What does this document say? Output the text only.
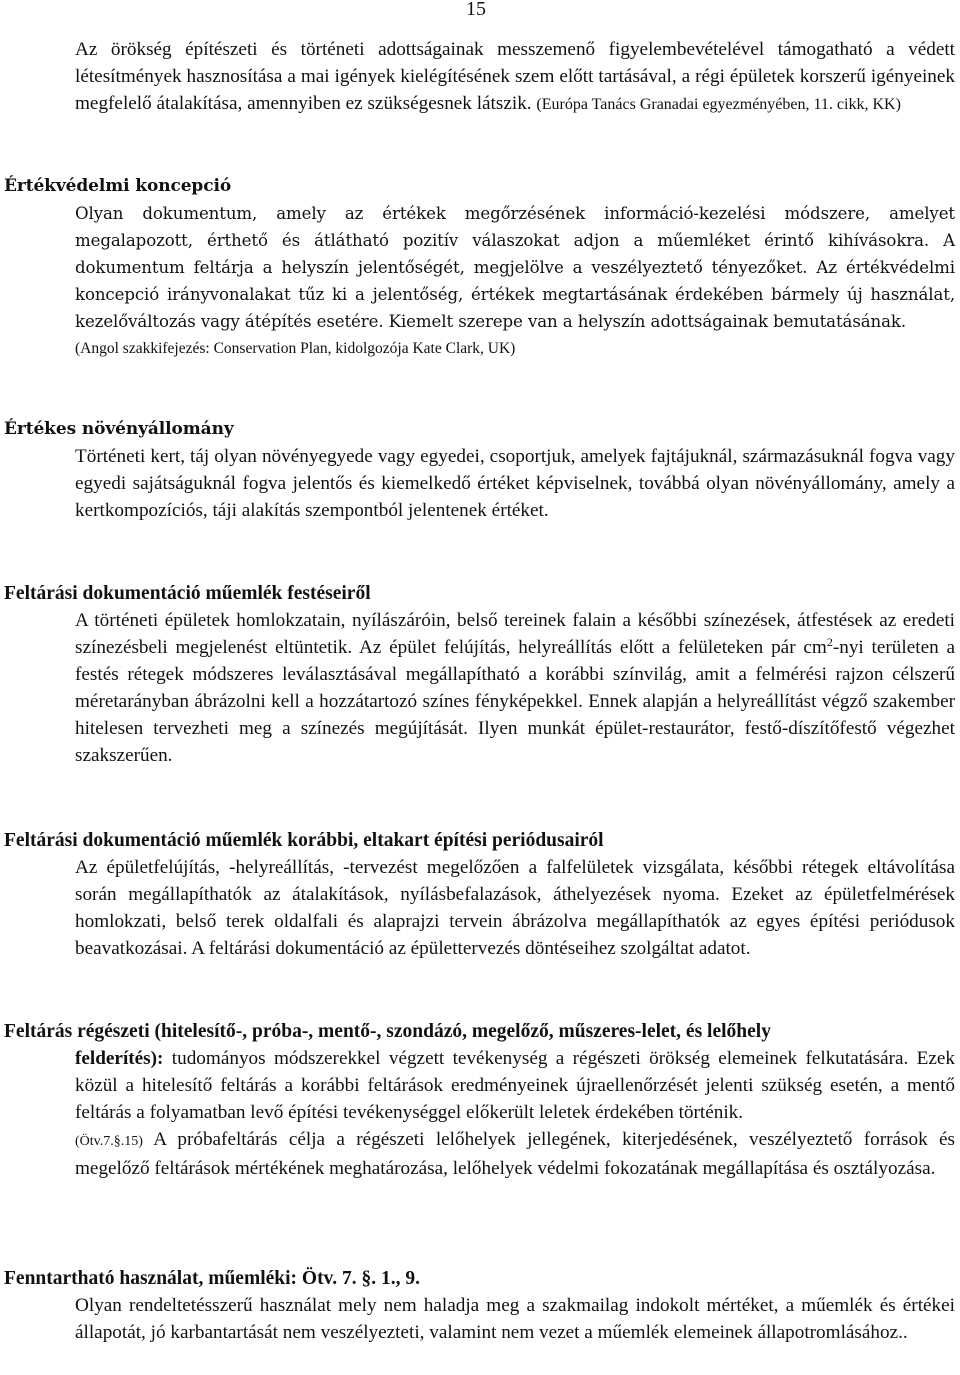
15

Az örökség építészeti és történeti adottságainak messzemenő figyelembevételével támogatható a védett létesítmények hasznosítása a mai igények kielégítésének szem előtt tartásával, a régi épületek korszerű igényeinek megfelelő átalakítása, amennyiben ez szükségesnek látszik. (Európa Tanács Granadai egyezményében, 11. cikk, KK)

Értékvédelmi koncepció

Olyan dokumentum, amely az értékek megőrzésének információ-kezelési módszere, amelyet megalapozott, érthető és átlátható pozitív válaszokat adjon a műemléket érintő kihívásokra. A dokumentum feltárja a helyszín jelentőségét, megjelölve a veszélyeztető tényezőket. Az értékvédelmi koncepció irányvonalakat tűz ki a jelentőség, értékek megtartásának érdekében bármely új használat, kezelőváltozás vagy átépítés esetére. Kiemelt szerepe van a helyszín adottságainak bemutatásának.

(Angol szakkifejezés: Conservation Plan, kidolgozója Kate Clark, UK)

Értékes növényállomány

Történeti kert, táj olyan növényegyede vagy egyedei, csoportjuk, amelyek fajtájuknál, származásuknál fogva vagy egyedi sajátságuknál fogva jelentős és kiemelkedő értéket képviselnek, továbbá olyan növényállomány, amely a kertkompozíciós, táji alakítás szempontból jelentenek értéket.

Feltárási dokumentáció műemlék festéseiről

A történeti épületek homlokzatain, nyílászáróin, belső tereinek falain a későbbi színezések, átfestések az eredeti színezésbeli megjelenést eltüntetik. Az épület felújítás, helyreállítás előtt a felületeken pár $cm^2$-nyi területen a festés rétegek módszeres leválasztásával megállapítható a korábbi színvilág, amit a felmérési rajzon célszerű méretarányban ábrázolni kell a hozzátartozó színes fényképekkel. Ennek alapján a helyreállítást végző szakember hitelesen tervezheti meg a színezés megújítását. Ilyen munkát épület-restaurátor, festő-díszítőfestő végezhet szakszerűen.

Feltárási dokumentáció műemlék korábbi, eltakart építési periódusairól

Az épületfelújítás, -helyreállítás, -tervezést megelőzően a falfelületek vizsgálata, későbbi rétegek eltávolítása során megállapíthatók az átalakítások, nyílásbefalazások, áthelyezések nyoma. Ezeket az épületfelmérések homlokzati, belső terek oldalfali és alaprajzi tervein ábrázolva megállapíthatók az egyes építési periódusok beavatkozásai. A feltárási dokumentáció az épülettervezés döntéseihez szolgáltat adatot.

Feltárás régészeti (hitelesítő-, próba-, mentő-, szondázó, megelőző, műszeres-lelet, és lelőhely

felderítés): tudományos módszerekkel végzett tevékenység a régészeti örökség elemeinek felkutatására. Ezek közül a hitelesítő feltárás a korábbi feltárások eredményeinek újraellenőrzését jelenti szükség esetén, a mentő feltárás a folyamatban levő építési tevékenységgel előkerült leletek érdekében történik.

(Ötv.7.§.15) A próbafeltárás célja a régészeti lelőhelyek jellegének, kiterjedésének, veszélyeztető források és megelőző feltárások mértékének meghatározása, lelőhelyek védelmi fokozatának megállapítása és osztályozása.

Fenntartható használat, műemléki: Ötv. 7. §. 1., 9.

Olyan rendeltetésszerű használat mely nem haladja meg a szakmailag indokolt mértéket, a műemlék és értékei állapotát, jó karbantartását nem veszélyezteti, valamint nem vezet a műemlék elemeinek állapotromlásához..
